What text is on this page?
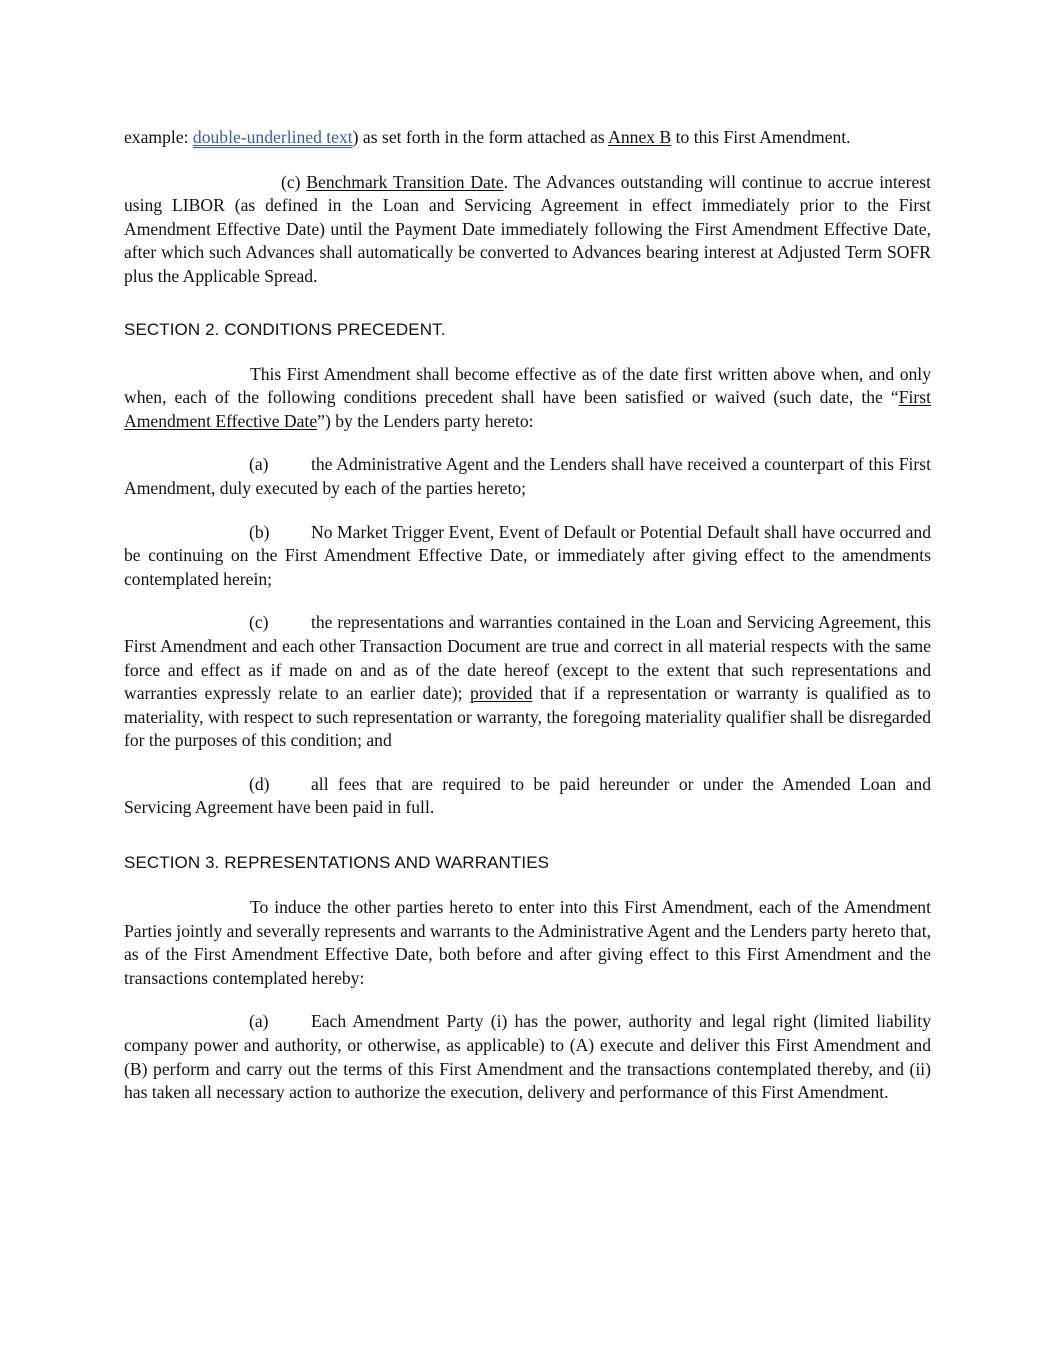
example: double-underlined text) as set forth in the form attached as Annex B to this First Amendment.

(c) Benchmark Transition Date. The Advances outstanding will continue to accrue interest using LIBOR (as defined in the Loan and Servicing Agreement in effect immediately prior to the First Amendment Effective Date) until the Payment Date immediately following the First Amendment Effective Date, after which such Advances shall automatically be converted to Advances bearing interest at Adjusted Term SOFR plus the Applicable Spread.

SECTION 2. CONDITIONS PRECEDENT.

This First Amendment shall become effective as of the date first written above when, and only when, each of the following conditions precedent shall have been satisfied or waived (such date, the “First Amendment Effective Date”) by the Lenders party hereto:

(a) the Administrative Agent and the Lenders shall have received a counterpart of this First Amendment, duly executed by each of the parties hereto;

(b) No Market Trigger Event, Event of Default or Potential Default shall have occurred and be continuing on the First Amendment Effective Date, or immediately after giving effect to the amendments contemplated herein;

(c) the representations and warranties contained in the Loan and Servicing Agreement, this First Amendment and each other Transaction Document are true and correct in all material respects with the same force and effect as if made on and as of the date hereof (except to the extent that such representations and warranties expressly relate to an earlier date); provided that if a representation or warranty is qualified as to materiality, with respect to such representation or warranty, the foregoing materiality qualifier shall be disregarded for the purposes of this condition; and

(d) all fees that are required to be paid hereunder or under the Amended Loan and Servicing Agreement have been paid in full.

SECTION 3. REPRESENTATIONS AND WARRANTIES

To induce the other parties hereto to enter into this First Amendment, each of the Amendment Parties jointly and severally represents and warrants to the Administrative Agent and the Lenders party hereto that, as of the First Amendment Effective Date, both before and after giving effect to this First Amendment and the transactions contemplated hereby:

(a) Each Amendment Party (i) has the power, authority and legal right (limited liability company power and authority, or otherwise, as applicable) to (A) execute and deliver this First Amendment and (B) perform and carry out the terms of this First Amendment and the transactions contemplated thereby, and (ii) has taken all necessary action to authorize the execution, delivery and performance of this First Amendment.
